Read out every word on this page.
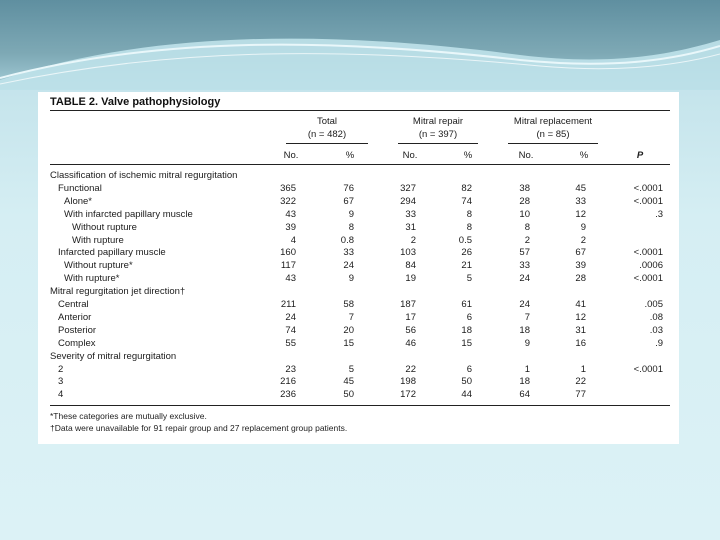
TABLE 2. Valve pathophysiology
Total
(n = 482)
Mitral repair
(n = 397)
Mitral replacement
(n = 85)
No.	%	No.	%	No.	%	P
Classification of ischemic mitral regurgitation
Functional	365	76	327	82	38	45	<.0001
Alone*	322	67	294	74	28	33	<.0001
With infarcted papillary muscle	43	9	33	8	10	12	.3
Without rupture	39	8	31	8	8	9
With rupture	4	0.8	2	0.5	2	2
Infarcted papillary muscle	160	33	103	26	57	67	<.0001
Without rupture*	117	24	84	21	33	39	.0006
With rupture*	43	9	19	5	24	28	<.0001
Mitral regurgitation jet direction†
Central	211	58	187	61	24	41	.005
Anterior	24	7	17	6	7	12	.08
Posterior	74	20	56	18	18	31	.03
Complex	55	15	46	15	9	16	.9
Severity of mitral regurgitation
2	23	5	22	6	1	1	<.0001
3	216	45	198	50	18	22
4	236	50	172	44	64	77
*These categories are mutually exclusive.
†Data were unavailable for 91 repair group and 27 replacement group patients.
